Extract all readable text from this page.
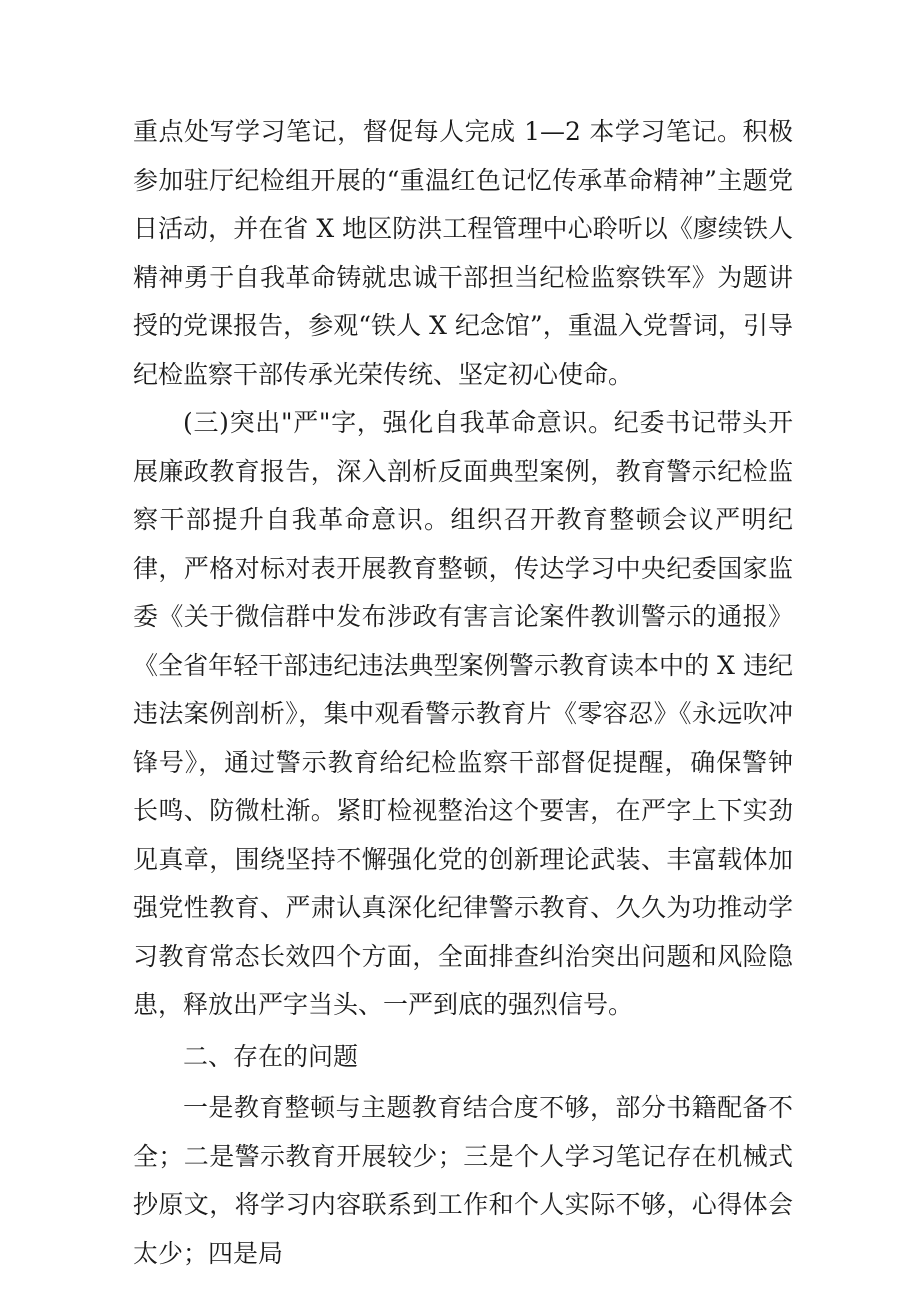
重点处写学习笔记，督促每人完成 1—2 本学习笔记。积极参加驻厅纪检组开展的“重温红色记忆传承革命精神”主题党日活动，并在省 X 地区防洪工程管理中心聆听以《廖续铁人精神勇于自我革命铸就忠诚干部担当纪检监察铁军》为题讲授的党课报告，参观“铁人 X 纪念馆”，重温入党誓词，引导纪检监察干部传承光荣传统、坚定初心使命。

(三)突出"严"字，强化自我革命意识。纪委书记带头开展廉政教育报告，深入剖析反面典型案例，教育警示纪检监察干部提升自我革命意识。组织召开教育整顿会议严明纪律，严格对标对表开展教育整顿，传达学习中央纪委国家监委《关于微信群中发布涉政有害言论案件教训警示的通报》《全省年轻干部违纪违法典型案例警示教育读本中的 X 违纪违法案例剖析》，集中观看警示教育片《零容忍》《永远吹冲锋号》，通过警示教育给纪检监察干部督促提醒，确保警钟长鸣、防微杜渐。紧盯检视整治这个要害，在严字上下实劲见真章，围绕坚持不懈强化党的创新理论武装、丰富载体加强党性教育、严肃认真深化纪律警示教育、久久为功推动学习教育常态长效四个方面，全面排查纠治突出问题和风险隐患，释放出严字当头、一严到底的强烈信号。

二、存在的问题

一是教育整顿与主题教育结合度不够，部分书籍配备不全；二是警示教育开展较少；三是个人学习笔记存在机械式抄原文，将学习内容联系到工作和个人实际不够，心得体会太少；四是局
